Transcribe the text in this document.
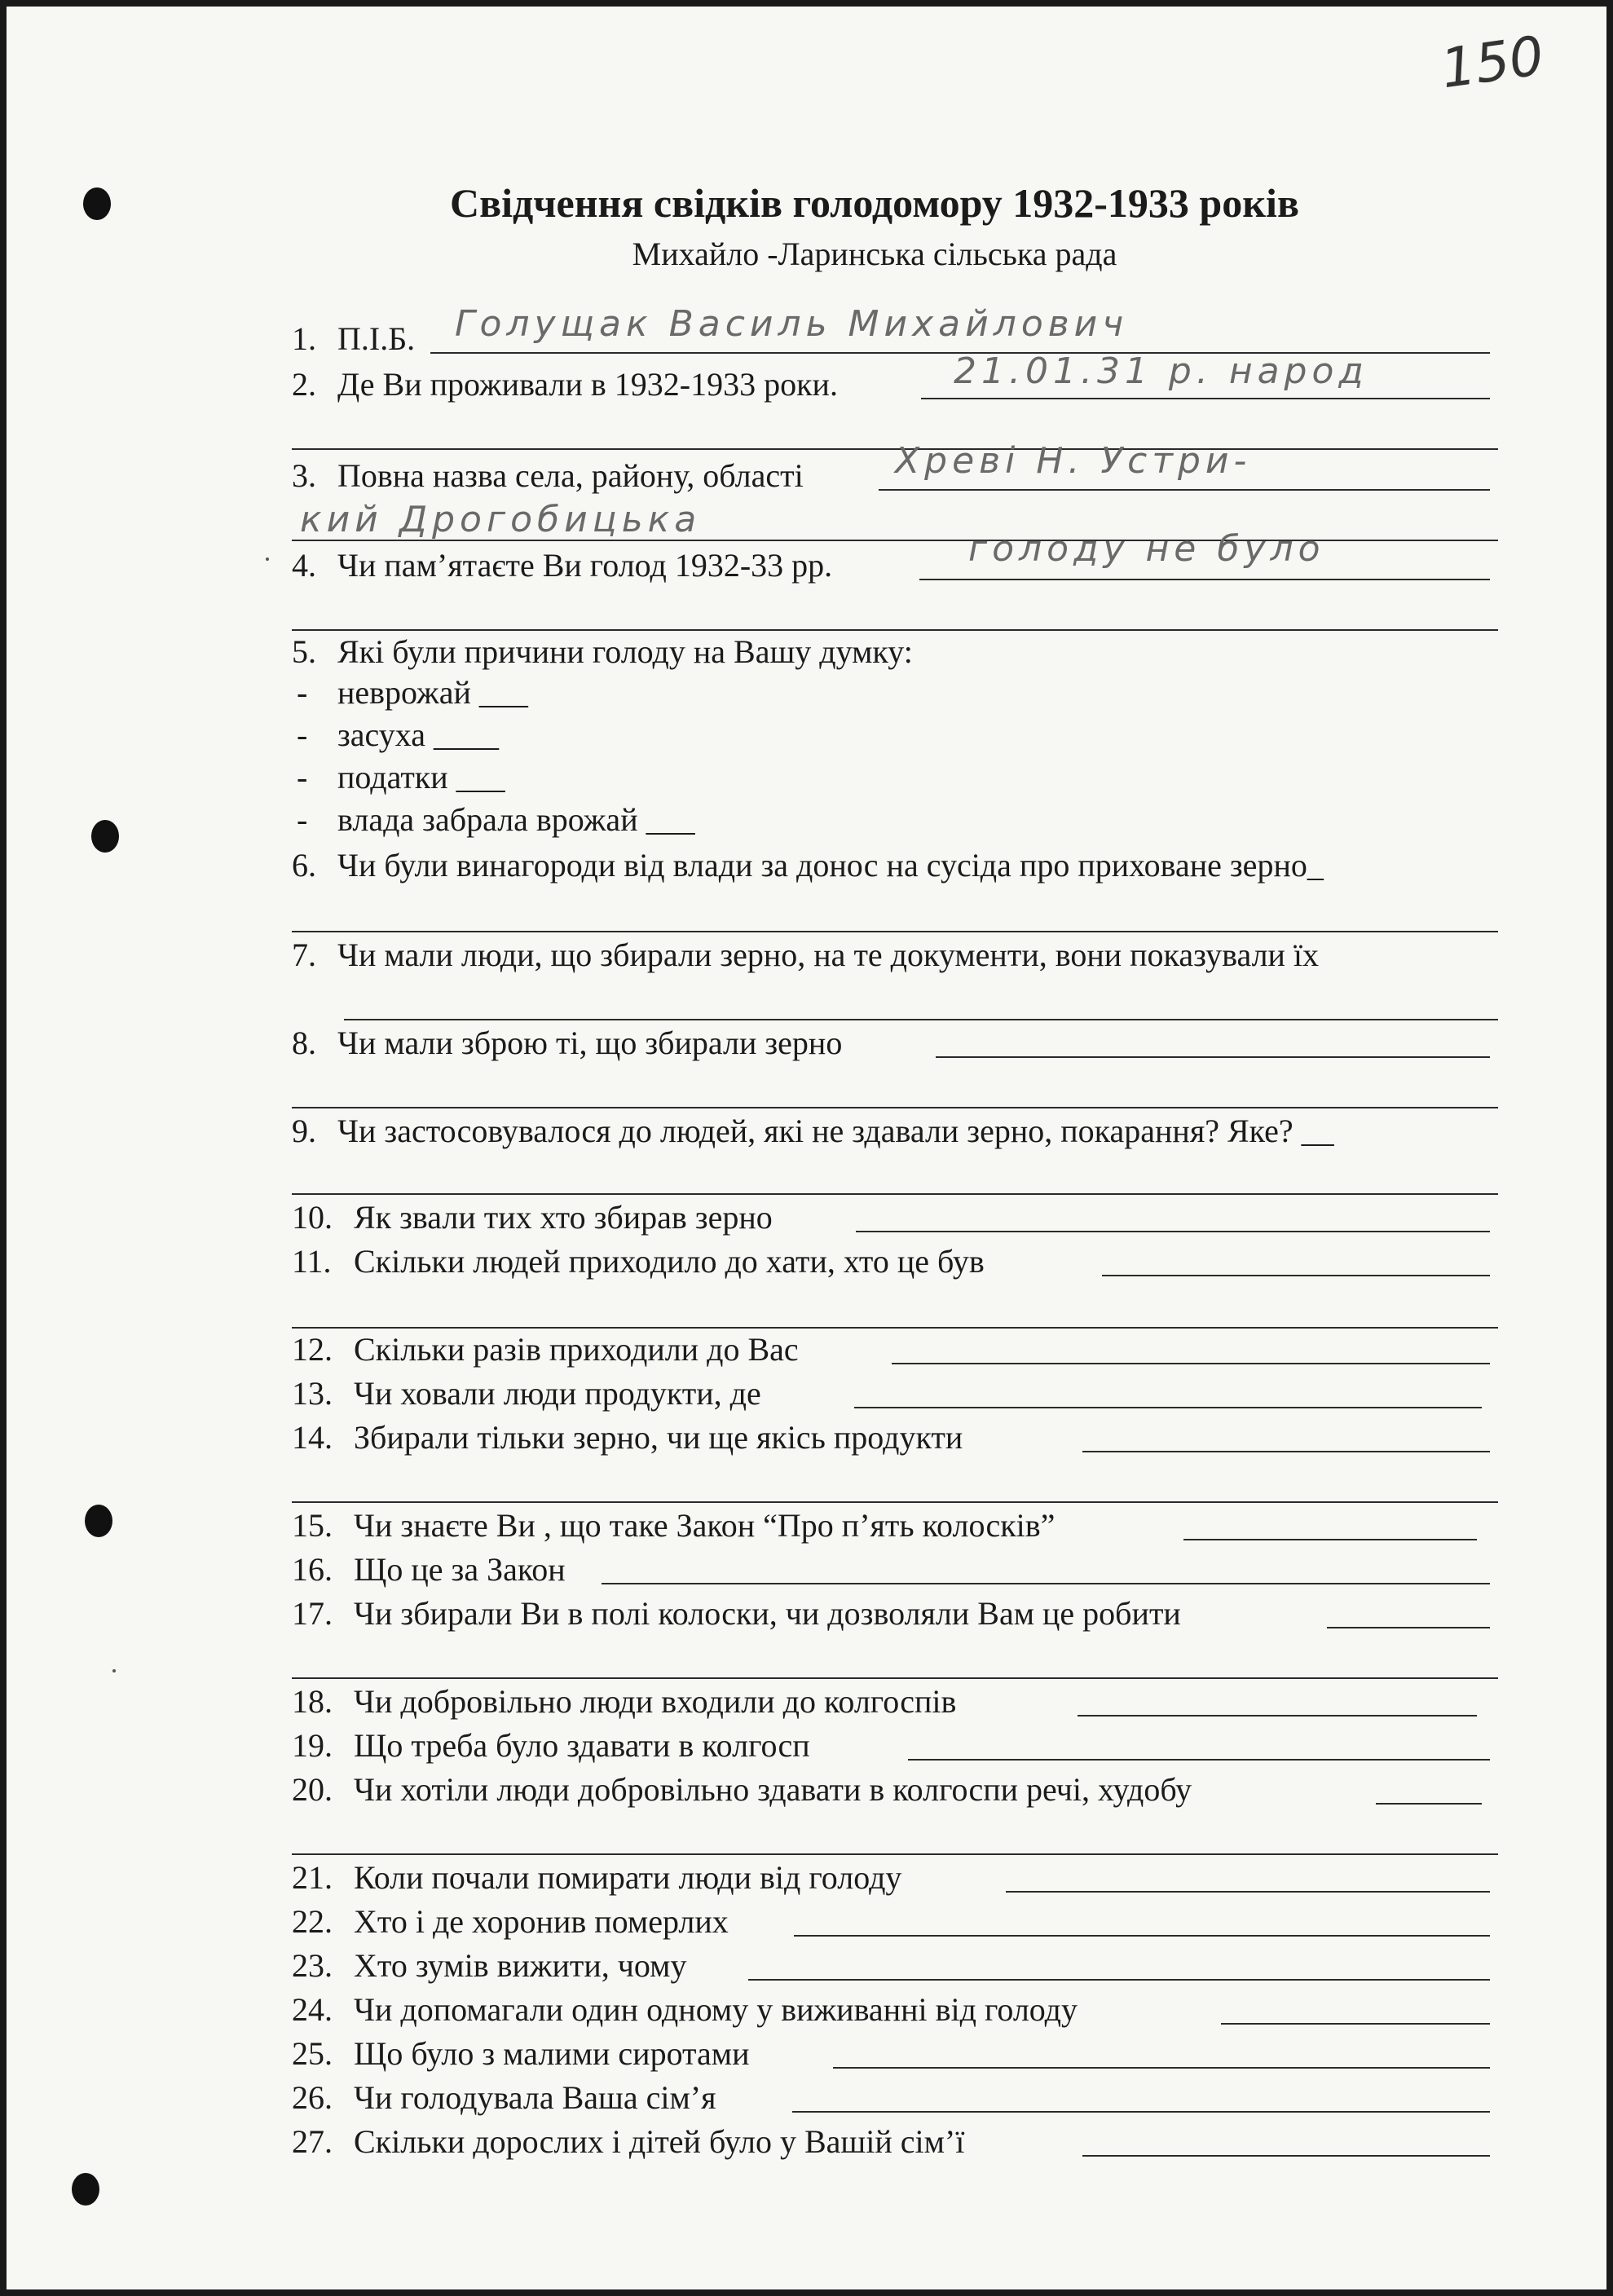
150
Свідчення свідків голодомору 1932-1933 років
Михайло -Ларинська сільська рада
1. П.І.Б. Голущак Василь Михайлович
2. Де Ви проживали в 1932-1933 роки.	21.01.31 р. народ
3. Повна назва села, району, області	Хреві Н. Устри-
кий Дрогобицька
4. Чи пам’ятаєте Ви голод 1932-33 рр.	голоду не було
5. Які були причини голоду на Вашу думку:
- неврожай ___
- засуха ____
- податки ___
- влада забрала врожай ___
6. Чи були винагороди від влади за донос на сусіда про приховане зерно_
7. Чи мали люди, що збирали зерно, на те документи, вони показували їх
8. Чи мали зброю ті, що збирали зерно
9. Чи застосовувалося до людей, які не здавали зерно, покарання? Яке? __
10. Як звали тих хто збирав зерно
11. Скільки людей приходило до хати, хто це був
12. Скільки разів приходили до Вас
13. Чи ховали люди продукти, де
14. Збирали тільки зерно, чи ще якісь продукти
15. Чи знаєте Ви , що таке Закон “Про п’ять колосків”
16. Що це за Закон
17. Чи збирали Ви в полі колоски, чи дозволяли Вам це робити
18. Чи добровільно люди входили до колгоспів
19. Що треба було здавати в колгосп
20. Чи хотіли люди добровільно здавати в колгоспи речі, худобу
21. Коли почали помирати люди від голоду
22. Хто і де хоронив померлих
23. Хто зумів вижити, чому
24. Чи допомагали один одному у виживанні від голоду
25. Що було з малими сиротами
26. Чи голодувала Ваша сім’я
27. Скільки дорослих і дітей було у Вашій сім’ї
